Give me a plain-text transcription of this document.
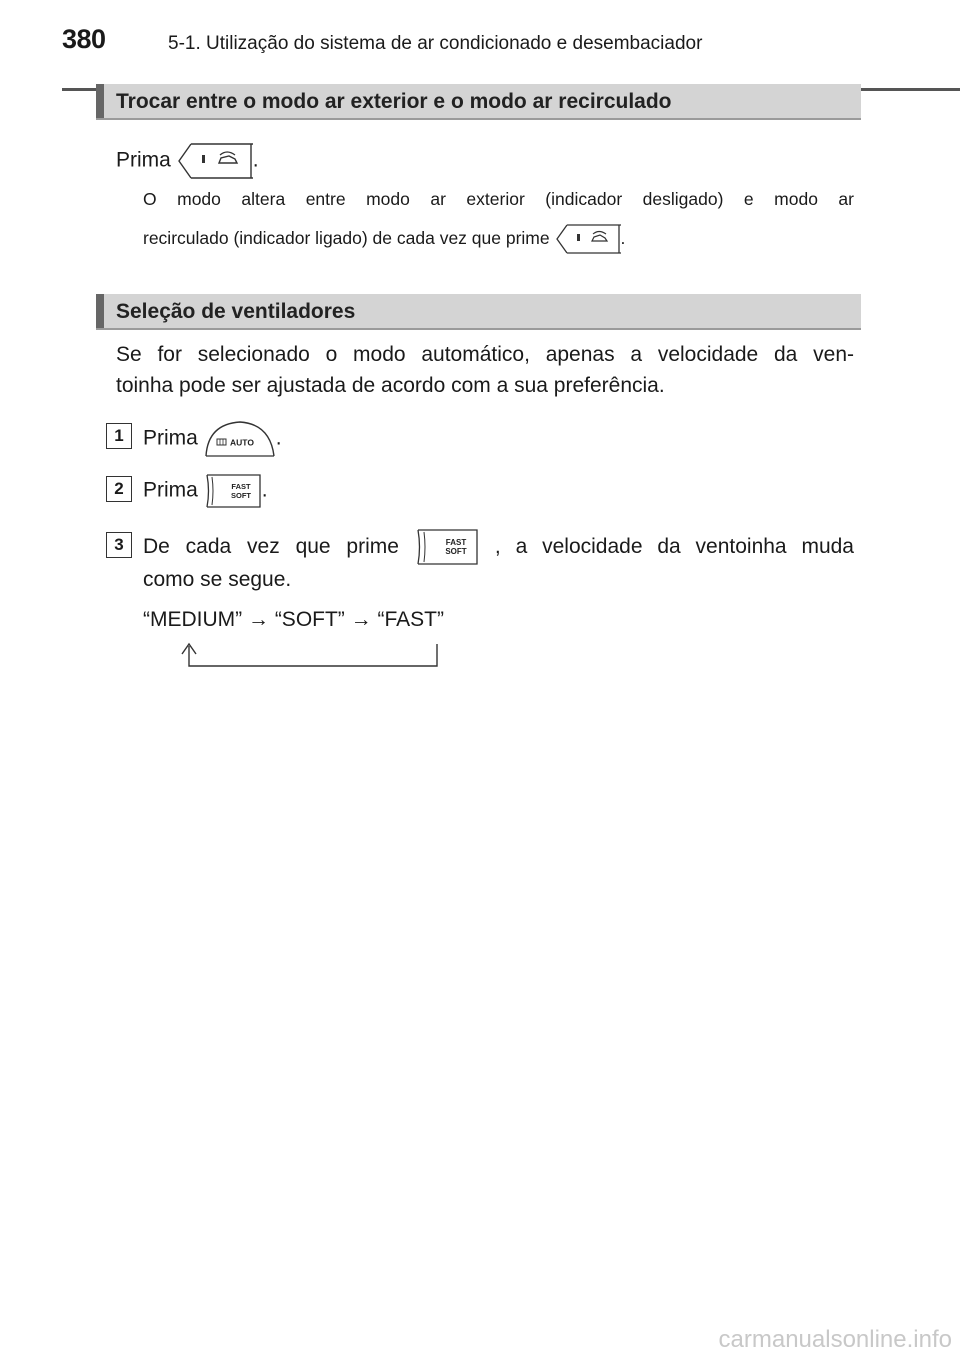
380	5-1. Utilização do sistema de ar condicionado e desembaciador
Trocar entre o modo ar exterior e o modo ar recirculado
Prima	.
O modo altera entre modo ar exterior (indicador desligado) e modo ar
recirculado (indicador ligado) de cada vez que prime	.
Seleção de ventiladores
Se for selecionado o modo automático, apenas a velocidade da ven-
toinha pode ser ajustada de acordo com a sua preferência.
1 Prima	AUTO .
2 Prima	FAST
SOFT .
3 De cada vez que prime	FAST
SOFT , a velocidade da ventoinha muda
como se segue.
“MEDIUM” → “SOFT” → “FAST”
carmanualsonline.info
